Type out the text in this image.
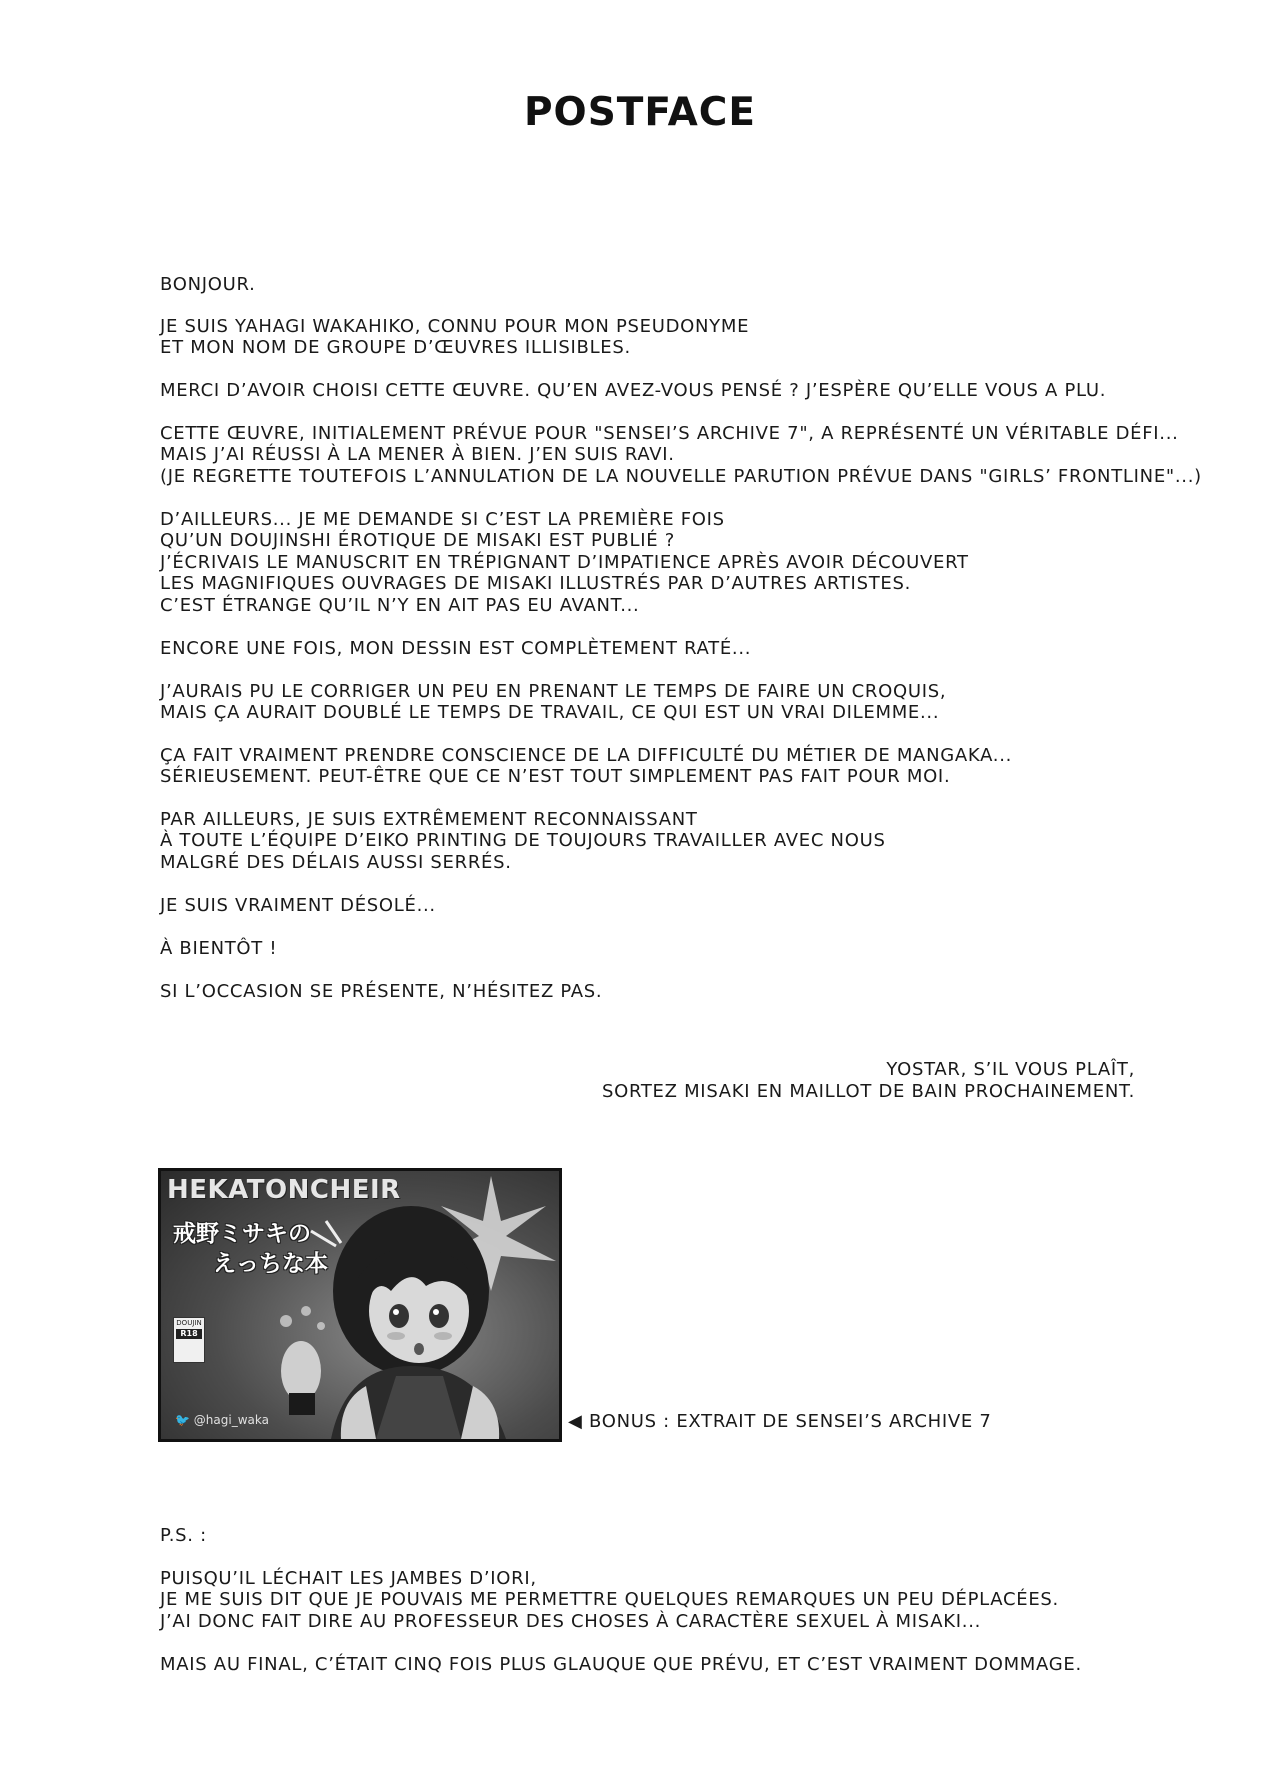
POSTFACE
BONJOUR.
JE SUIS YAHAGI WAKAHIKO, CONNU POUR MON PSEUDONYME
ET MON NOM DE GROUPE D’ŒUVRES ILLISIBLES.
MERCI D’AVOIR CHOISI CETTE ŒUVRE. QU’EN AVEZ-VOUS PENSÉ ? J’ESPÈRE QU’ELLE VOUS A PLU.
CETTE ŒUVRE, INITIALEMENT PRÉVUE POUR "SENSEI’S ARCHIVE 7", A REPRÉSENTÉ UN VÉRITABLE DÉFI...
MAIS J’AI RÉUSSI À LA MENER À BIEN. J’EN SUIS RAVI.
(JE REGRETTE TOUTEFOIS L’ANNULATION DE LA NOUVELLE PARUTION PRÉVUE DANS "GIRLS’ FRONTLINE"...)
D’AILLEURS... JE ME DEMANDE SI C’EST LA PREMIÈRE FOIS
QU’UN DOUJINSHI ÉROTIQUE DE MISAKI EST PUBLIÉ ?
J’ÉCRIVAIS LE MANUSCRIT EN TRÉPIGNANT D’IMPATIENCE APRÈS AVOIR DÉCOUVERT
LES MAGNIFIQUES OUVRAGES DE MISAKI ILLUSTRÉS PAR D’AUTRES ARTISTES.
C’EST ÉTRANGE QU’IL N’Y EN AIT PAS EU AVANT...
ENCORE UNE FOIS, MON DESSIN EST COMPLÈTEMENT RATÉ...
J’AURAIS PU LE CORRIGER UN PEU EN PRENANT LE TEMPS DE FAIRE UN CROQUIS,
MAIS ÇA AURAIT DOUBLÉ LE TEMPS DE TRAVAIL, CE QUI EST UN VRAI DILEMME...
ÇA FAIT VRAIMENT PRENDRE CONSCIENCE DE LA DIFFICULTÉ DU MÉTIER DE MANGAKA...
SÉRIEUSEMENT. PEUT-ÊTRE QUE CE N’EST TOUT SIMPLEMENT PAS FAIT POUR MOI.
PAR AILLEURS, JE SUIS EXTRÊMEMENT RECONNAISSANT
À TOUTE L’ÉQUIPE D’EIKO PRINTING DE TOUJOURS TRAVAILLER AVEC NOUS
MALGRÉ DES DÉLAIS AUSSI SERRÉS.
JE SUIS VRAIMENT DÉSOLÉ...
À BIENTÔT !
SI L’OCCASION SE PRÉSENTE, N’HÉSITEZ PAS.
YOSTAR, S’IL VOUS PLAÎT,
SORTEZ MISAKI EN MAILLOT DE BAIN PROCHAINEMENT.
HEKATONCHEIR
戒野ミサキの
えっちな本
DOUJIN
R18
🐦 @hagi_waka	◀ BONUS : EXTRAIT DE SENSEI’S ARCHIVE 7
P.S. :
PUISQU’IL LÉCHAIT LES JAMBES D’IORI,
JE ME SUIS DIT QUE JE POUVAIS ME PERMETTRE QUELQUES REMARQUES UN PEU DÉPLACÉES.
J’AI DONC FAIT DIRE AU PROFESSEUR DES CHOSES À CARACTÈRE SEXUEL À MISAKI...
MAIS AU FINAL, C’ÉTAIT CINQ FOIS PLUS GLAUQUE QUE PRÉVU, ET C’EST VRAIMENT DOMMAGE.
